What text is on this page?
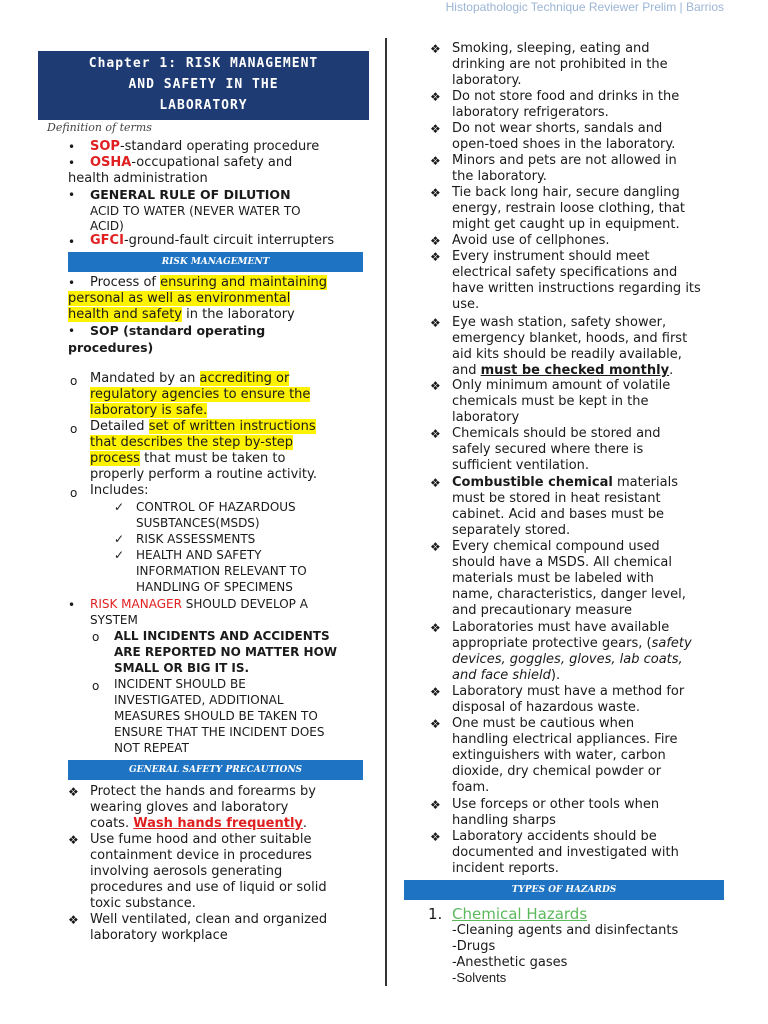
Histopathologic Technique Reviewer Prelim | Barrios
Chapter 1: RISK MANAGEMENT
AND SAFETY IN THE
LABORATORY
Definition of terms
• SOP-standard operating procedure
• OSHA-occupational safety and
health administration
• GENERAL RULE OF DILUTION
ACID TO WATER (NEVER WATER TO
ACID)
• GFCI-ground-fault circuit interrupters
RISK MANAGEMENT
• Process of ensuring and maintaining
personal as well as environmental
health and safety in the laboratory
• SOP (standard operating
procedures)
o Mandated by an accrediting or
regulatory agencies to ensure the
laboratory is safe.
o Detailed set of written instructions
that describes the step by-step
process that must be taken to
properly perform a routine activity.
o Includes:
✓ CONTROL OF HAZARDOUS
SUSBTANCES(MSDS)
✓ RISK ASSESSMENTS
✓ HEALTH AND SAFETY
INFORMATION RELEVANT TO
HANDLING OF SPECIMENS
• RISK MANAGER SHOULD DEVELOP A
SYSTEM
o ALL INCIDENTS AND ACCIDENTS
ARE REPORTED NO MATTER HOW
SMALL OR BIG IT IS.
o INCIDENT SHOULD BE
INVESTIGATED, ADDITIONAL
MEASURES SHOULD BE TAKEN TO
ENSURE THAT THE INCIDENT DOES
NOT REPEAT
GENERAL SAFETY PRECAUTIONS
❖ Protect the hands and forearms by
wearing gloves and laboratory
coats. Wash hands frequently.
❖ Use fume hood and other suitable
containment device in procedures
involving aerosols generating
procedures and use of liquid or solid
toxic substance.
❖ Well ventilated, clean and organized
laboratory workplace
❖ Smoking, sleeping, eating and
drinking are not prohibited in the
laboratory.
❖ Do not store food and drinks in the
laboratory refrigerators.
❖ Do not wear shorts, sandals and
open-toed shoes in the laboratory.
❖ Minors and pets are not allowed in
the laboratory.
❖ Tie back long hair, secure dangling
energy, restrain loose clothing, that
might get caught up in equipment.
❖ Avoid use of cellphones.
❖ Every instrument should meet
electrical safety specifications and
have written instructions regarding its
use.
❖ Eye wash station, safety shower,
emergency blanket, hoods, and first
aid kits should be readily available,
and must be checked monthly.
❖ Only minimum amount of volatile
chemicals must be kept in the
laboratory
❖ Chemicals should be stored and
safely secured where there is
sufficient ventilation.
❖ Combustible chemical materials
must be stored in heat resistant
cabinet. Acid and bases must be
separately stored.
❖ Every chemical compound used
should have a MSDS. All chemical
materials must be labeled with
name, characteristics, danger level,
and precautionary measure
❖ Laboratories must have available
appropriate protective gears, (safety
devices, goggles, gloves, lab coats,
and face shield).
❖ Laboratory must have a method for
disposal of hazardous waste.
❖ One must be cautious when
handling electrical appliances. Fire
extinguishers with water, carbon
dioxide, dry chemical powder or
foam.
❖ Use forceps or other tools when
handling sharps
❖ Laboratory accidents should be
documented and investigated with
incident reports.
TYPES OF HAZARDS
1. Chemical Hazards
-Cleaning agents and disinfectants
-Drugs
-Anesthetic gases
-Solvents
